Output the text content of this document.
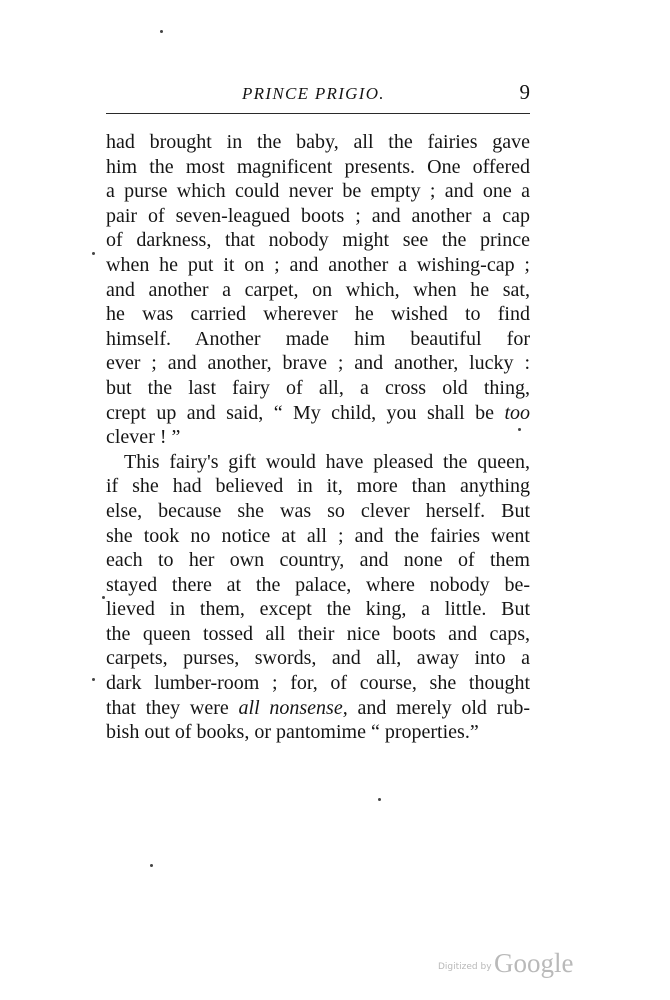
PRINCE PRIGIO.	9
had brought in the baby, all the fairies gave
him the most magnificent presents. One offered
a purse which could never be empty ; and one a
pair of seven-leagued boots ; and another a cap
of darkness, that nobody might see the prince
when he put it on ; and another a wishing-cap ;
and another a carpet, on which, when he sat,
he was carried wherever he wished to find
himself. Another made him beautiful for
ever ; and another, brave ; and another, lucky :
but the last fairy of all, a cross old thing,
crept up and said, “ My child, you shall be too
clever ! ”
This fairy's gift would have pleased the queen,
if she had believed in it, more than anything
else, because she was so clever herself. But
she took no notice at all ; and the fairies went
each to her own country, and none of them
stayed there at the palace, where nobody be-
lieved in them, except the king, a little. But
the queen tossed all their nice boots and caps,
carpets, purses, swords, and all, away into a
dark lumber-room ; for, of course, she thought
that they were all nonsense, and merely old rub-
bish out of books, or pantomime “ properties.”
Digitized by Google
